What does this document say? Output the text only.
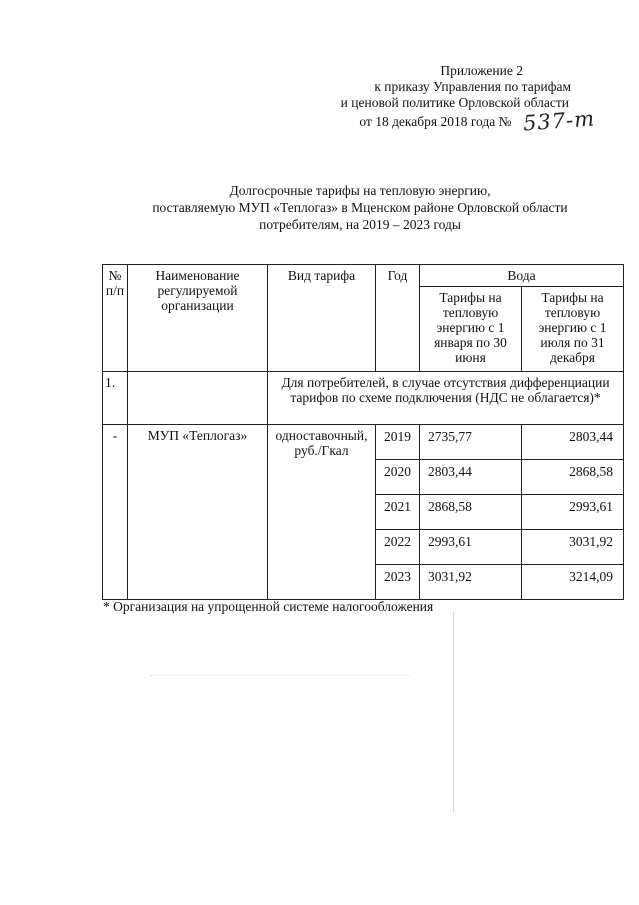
Приложение 2
к приказу Управления по тарифам
и ценовой политике Орловской области
от 18 декабря 2018 года № 537-т
Долгосрочные тарифы на тепловую энергию,
поставляемую МУП «Теплогаз» в Мценском районе Орловской области
потребителям, на 2019 – 2023 годы
№ п/п	Наименование регулируемой организации	Вид тарифа	Год	Вода	
				Тарифы на тепловую энергию с 1 января по 30 июня	Тарифы на тепловую энергию с 1 июля по 31 декабря
1.		Для потребителей, в случае отсутствия дифференциации тарифов по схеме подключения (НДС не облагается)*			
-	МУП «Теплогаз»	одноставочный, руб./Гкал	2019	2735,77	2803,44
			2020	2803,44	2868,58
			2021	2868,58	2993,61
			2022	2993,61	3031,92
			2023	3031,92	3214,09
* Организация на упрощенной системе налогообложения
